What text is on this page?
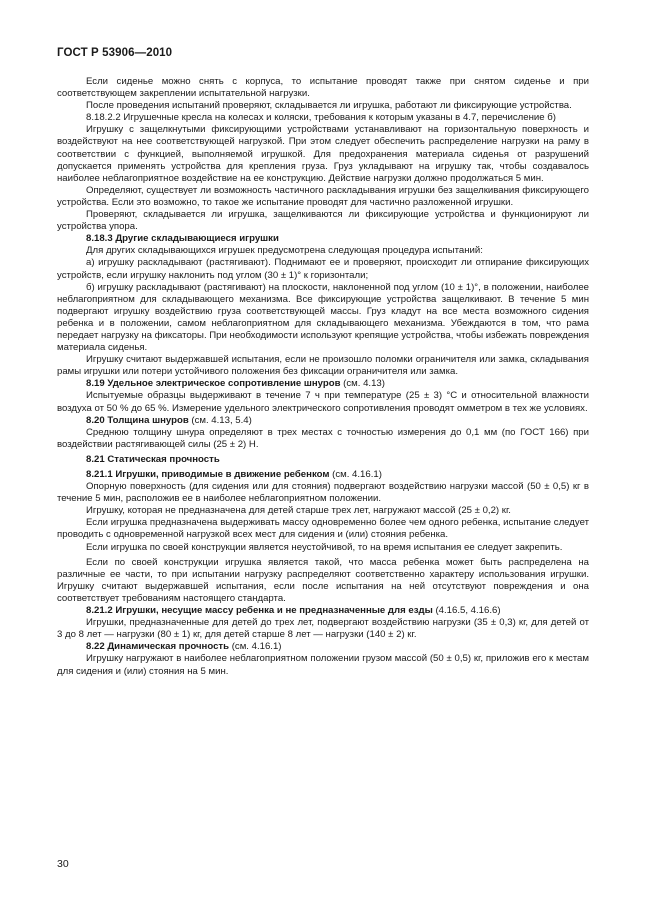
ГОСТ Р 53906—2010

Если сиденье можно снять с корпуса, то испытание проводят также при снятом сиденье и при соответствующем закреплении испытательной нагрузки.

После проведения испытаний проверяют, складывается ли игрушка, работают ли фиксирующие устройства.

8.18.2.2 Игрушечные кресла на колесах и коляски, требования к которым указаны в 4.7, перечисление б)

Игрушку с защелкнутыми фиксирующими устройствами устанавливают на горизонтальную поверхность и воздействуют на нее соответствующей нагрузкой. При этом следует обеспечить распределение нагрузки на раму в соответствии с функцией, выполняемой игрушкой. Для предохранения материала сиденья от разрушений допускается применять устройства для крепления груза. Груз укладывают на игрушку так, чтобы создавалось наиболее неблагоприятное воздействие на ее конструкцию. Действие нагрузки должно продолжаться 5 мин.

Определяют, существует ли возможность частичного раскладывания игрушки без защелкивания фиксирующего устройства. Если это возможно, то такое же испытание проводят для частично разложенной игрушки.

Проверяют, складывается ли игрушка, защелкиваются ли фиксирующие устройства и функционируют ли устройства упора.

8.18.3 Другие складывающиеся игрушки

Для других складывающихся игрушек предусмотрена следующая процедура испытаний:

а) игрушку раскладывают (растягивают). Поднимают ее и проверяют, происходит ли отпирание фиксирующих устройств, если игрушку наклонить под углом (30 ± 1)° к горизонтали;

б) игрушку раскладывают (растягивают) на плоскости, наклоненной под углом (10 ± 1)°, в положении, наиболее неблагоприятном для складывающего механизма. Все фиксирующие устройства защелкивают. В течение 5 мин подвергают игрушку воздействию груза соответствующей массы. Груз кладут на все места возможного сидения ребенка и в положении, самом неблагоприятном для складывающего механизма. Убеждаются в том, что рама передает нагрузку на фиксаторы. При необходимости используют крепящие устройства, чтобы избежать повреждения материала сиденья.

Игрушку считают выдержавшей испытания, если не произошло поломки ограничителя или замка, складывания рамы игрушки или потери устойчивого положения без фиксации ограничителя или замка.

8.19 Удельное электрическое сопротивление шнуров (см. 4.13)

Испытуемые образцы выдерживают в течение 7 ч при температуре (25 ± 3) °С и относительной влажности воздуха от 50 % до 65 %. Измерение удельного электрического сопротивления проводят омметром в тех же условиях.

8.20 Толщина шнуров (см. 4.13, 5.4)

Среднюю толщину шнура определяют в трех местах с точностью измерения до 0,1 мм (по ГОСТ 166) при воздействии растягивающей силы (25 ± 2) Н.

8.21 Статическая прочность

8.21.1 Игрушки, приводимые в движение ребенком (см. 4.16.1)

Опорную поверхность (для сидения или для стояния) подвергают воздействию нагрузки массой (50 ± 0,5) кг в течение 5 мин, расположив ее в наиболее неблагоприятном положении.

Игрушку, которая не предназначена для детей старше трех лет, нагружают массой (25 ± 0,2) кг.

Если игрушка предназначена выдерживать массу одновременно более чем одного ребенка, испытание следует проводить с одновременной нагрузкой всех мест для сидения и (или) стояния ребенка.

Если игрушка по своей конструкции является неустойчивой, то на время испытания ее следует закрепить.

Если по своей конструкции игрушка является такой, что масса ребенка может быть распределена на различные ее части, то при испытании нагрузку распределяют соответственно характеру использования игрушки. Игрушку считают выдержавшей испытания, если после испытания на ней отсутствуют повреждения и она соответствует требованиям настоящего стандарта.

8.21.2 Игрушки, несущие массу ребенка и не предназначенные для езды (4.16.5, 4.16.6)

Игрушки, предназначенные для детей до трех лет, подвергают воздействию нагрузки (35 ± 0,3) кг, для детей от 3 до 8 лет — нагрузки (80 ± 1) кг, для детей старше 8 лет — нагрузки (140 ± 2) кг.

8.22 Динамическая прочность (см. 4.16.1)

Игрушку нагружают в наиболее неблагоприятном положении грузом массой (50 ± 0,5) кг, приложив его к местам для сидения и (или) стояния на 5 мин.

30
